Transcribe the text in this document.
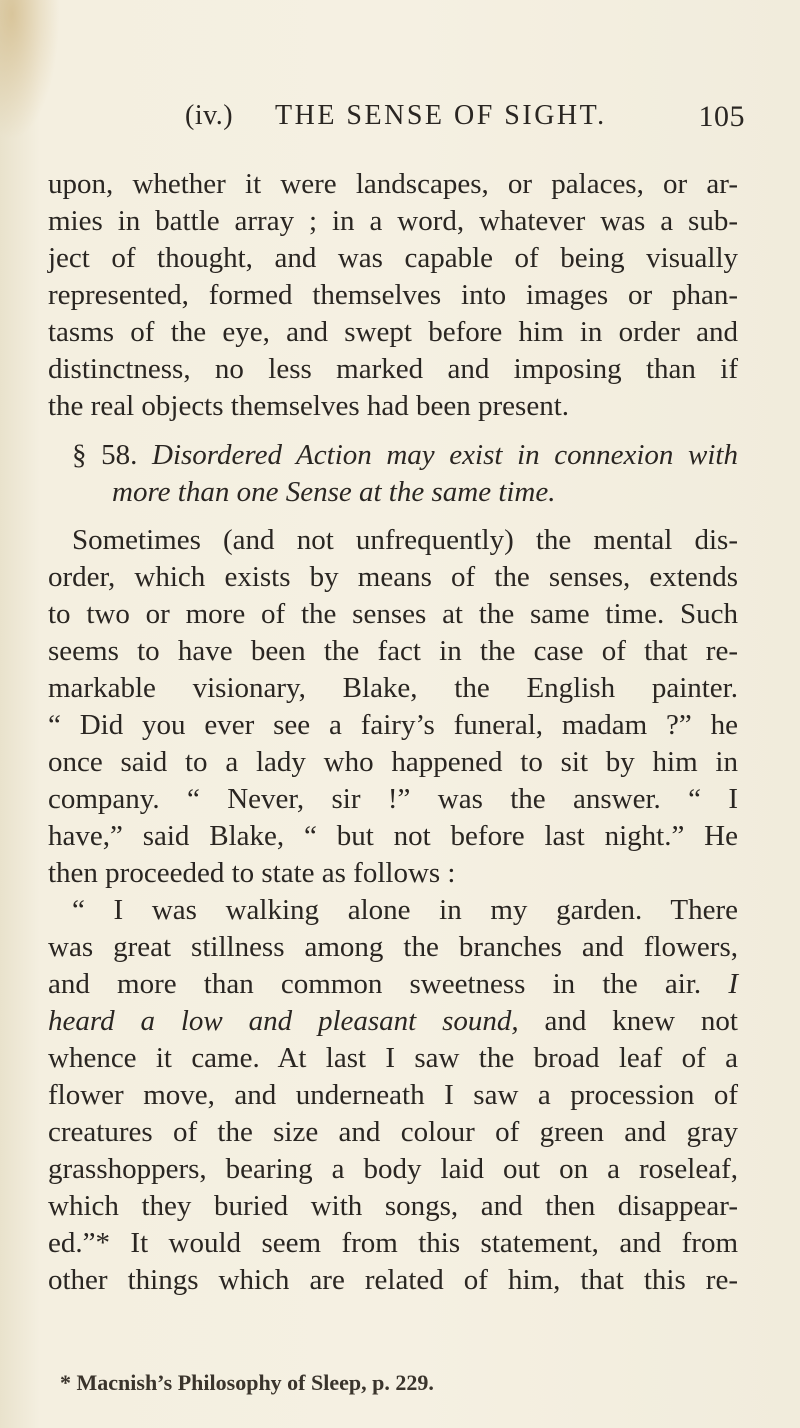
(iv.) THE SENSE OF SIGHT.	105
upon, whether it were landscapes, or palaces, or ar-
mies in battle array ; in a word, whatever was a sub-
ject of thought, and was capable of being visually
represented, formed themselves into images or phan-
tasms of the eye, and swept before him in order and
distinctness, no less marked and imposing than if
the real objects themselves had been present.
§ 58. Disordered Action may exist in connexion with
more than one Sense at the same time.
Sometimes (and not unfrequently) the mental dis-
order, which exists by means of the senses, extends
to two or more of the senses at the same time. Such
seems to have been the fact in the case of that re-
markable visionary, Blake, the English painter.
“ Did you ever see a fairy’s funeral, madam ?” he
once said to a lady who happened to sit by him in
company. “ Never, sir !” was the answer. “ I
have,” said Blake, “ but not before last night.” He
then proceeded to state as follows :
“ I was walking alone in my garden. There
was great stillness among the branches and flowers,
and more than common sweetness in the air. I
heard a low and pleasant sound, and knew not
whence it came. At last I saw the broad leaf of a
flower move, and underneath I saw a procession of
creatures of the size and colour of green and gray
grasshoppers, bearing a body laid out on a roseleaf,
which they buried with songs, and then disappear-
ed.”* It would seem from this statement, and from
other things which are related of him, that this re-
* Macnish’s Philosophy of Sleep, p. 229.
